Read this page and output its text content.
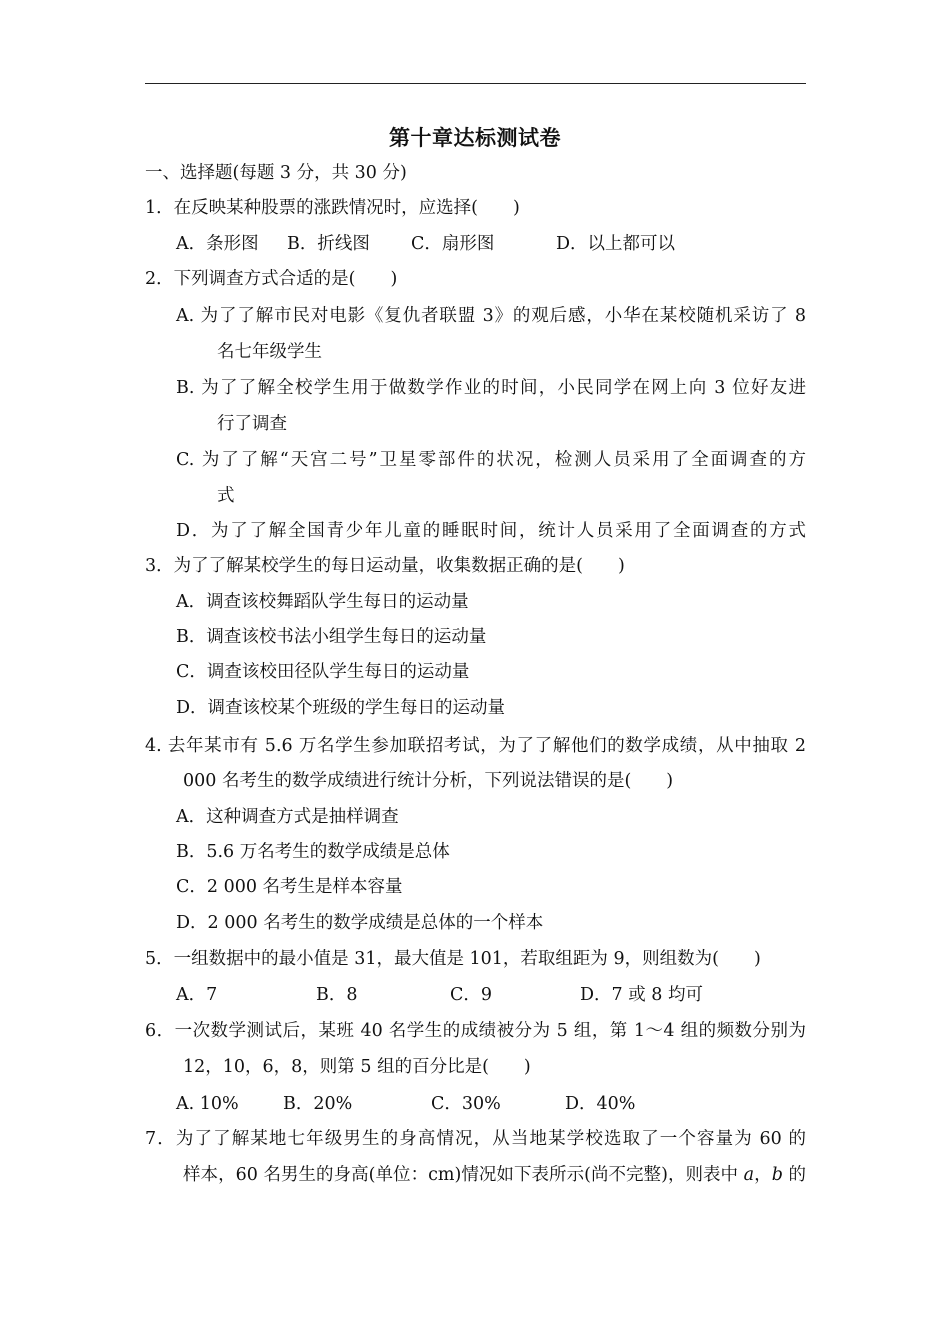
第十章达标测试卷
一、选择题(每题 3 分，共 30 分)
1．在反映某种股票的涨跌情况时，应选择(　　)
A．条形图 B．折线图 C．扇形图	D．以上都可以
2．下列调查方式合适的是(　　)
A. 为了了解市民对电影《复仇者联盟 3》的观后感，小华在某校随机采访了 8
名七年级学生
B. 为了了解全校学生用于做数学作业的时间，小民同学在网上向 3 位好友进
行了调查
C. 为了了解“天宫二号”卫星零部件的状况，检测人员采用了全面调查的方
式
D．为了了解全国青少年儿童的睡眠时间，统计人员采用了全面调查的方式
3．为了了解某校学生的每日运动量，收集数据正确的是(　　)
A．调查该校舞蹈队学生每日的运动量
B．调查该校书法小组学生每日的运动量
C．调查该校田径队学生每日的运动量
D．调查该校某个班级的学生每日的运动量
4. 去年某市有 5.6 万名学生参加联招考试，为了了解他们的数学成绩，从中抽取 2
000 名考生的数学成绩进行统计分析，下列说法错误的是(　　)
A．这种调查方式是抽样调查
B．5.6 万名考生的数学成绩是总体
C．2 000 名考生是样本容量
D．2 000 名考生的数学成绩是总体的一个样本
5．一组数据中的最小值是 31，最大值是 101，若取组距为 9，则组数为(　　)
A．7	B．8	C．9	D．7 或 8 均可
6．一次数学测试后，某班 40 名学生的成绩被分为 5 组，第 1～4 组的频数分别为
12，10，6，8，则第 5 组的百分比是(　　)
A. 10%	B．20%	C．30%	D．40%
7．为了了解某地七年级男生的身高情况，从当地某学校选取了一个容量为 60 的
样本，60 名男生的身高(单位：cm)情况如下表所示(尚不完整)，则表中 a，b 的
